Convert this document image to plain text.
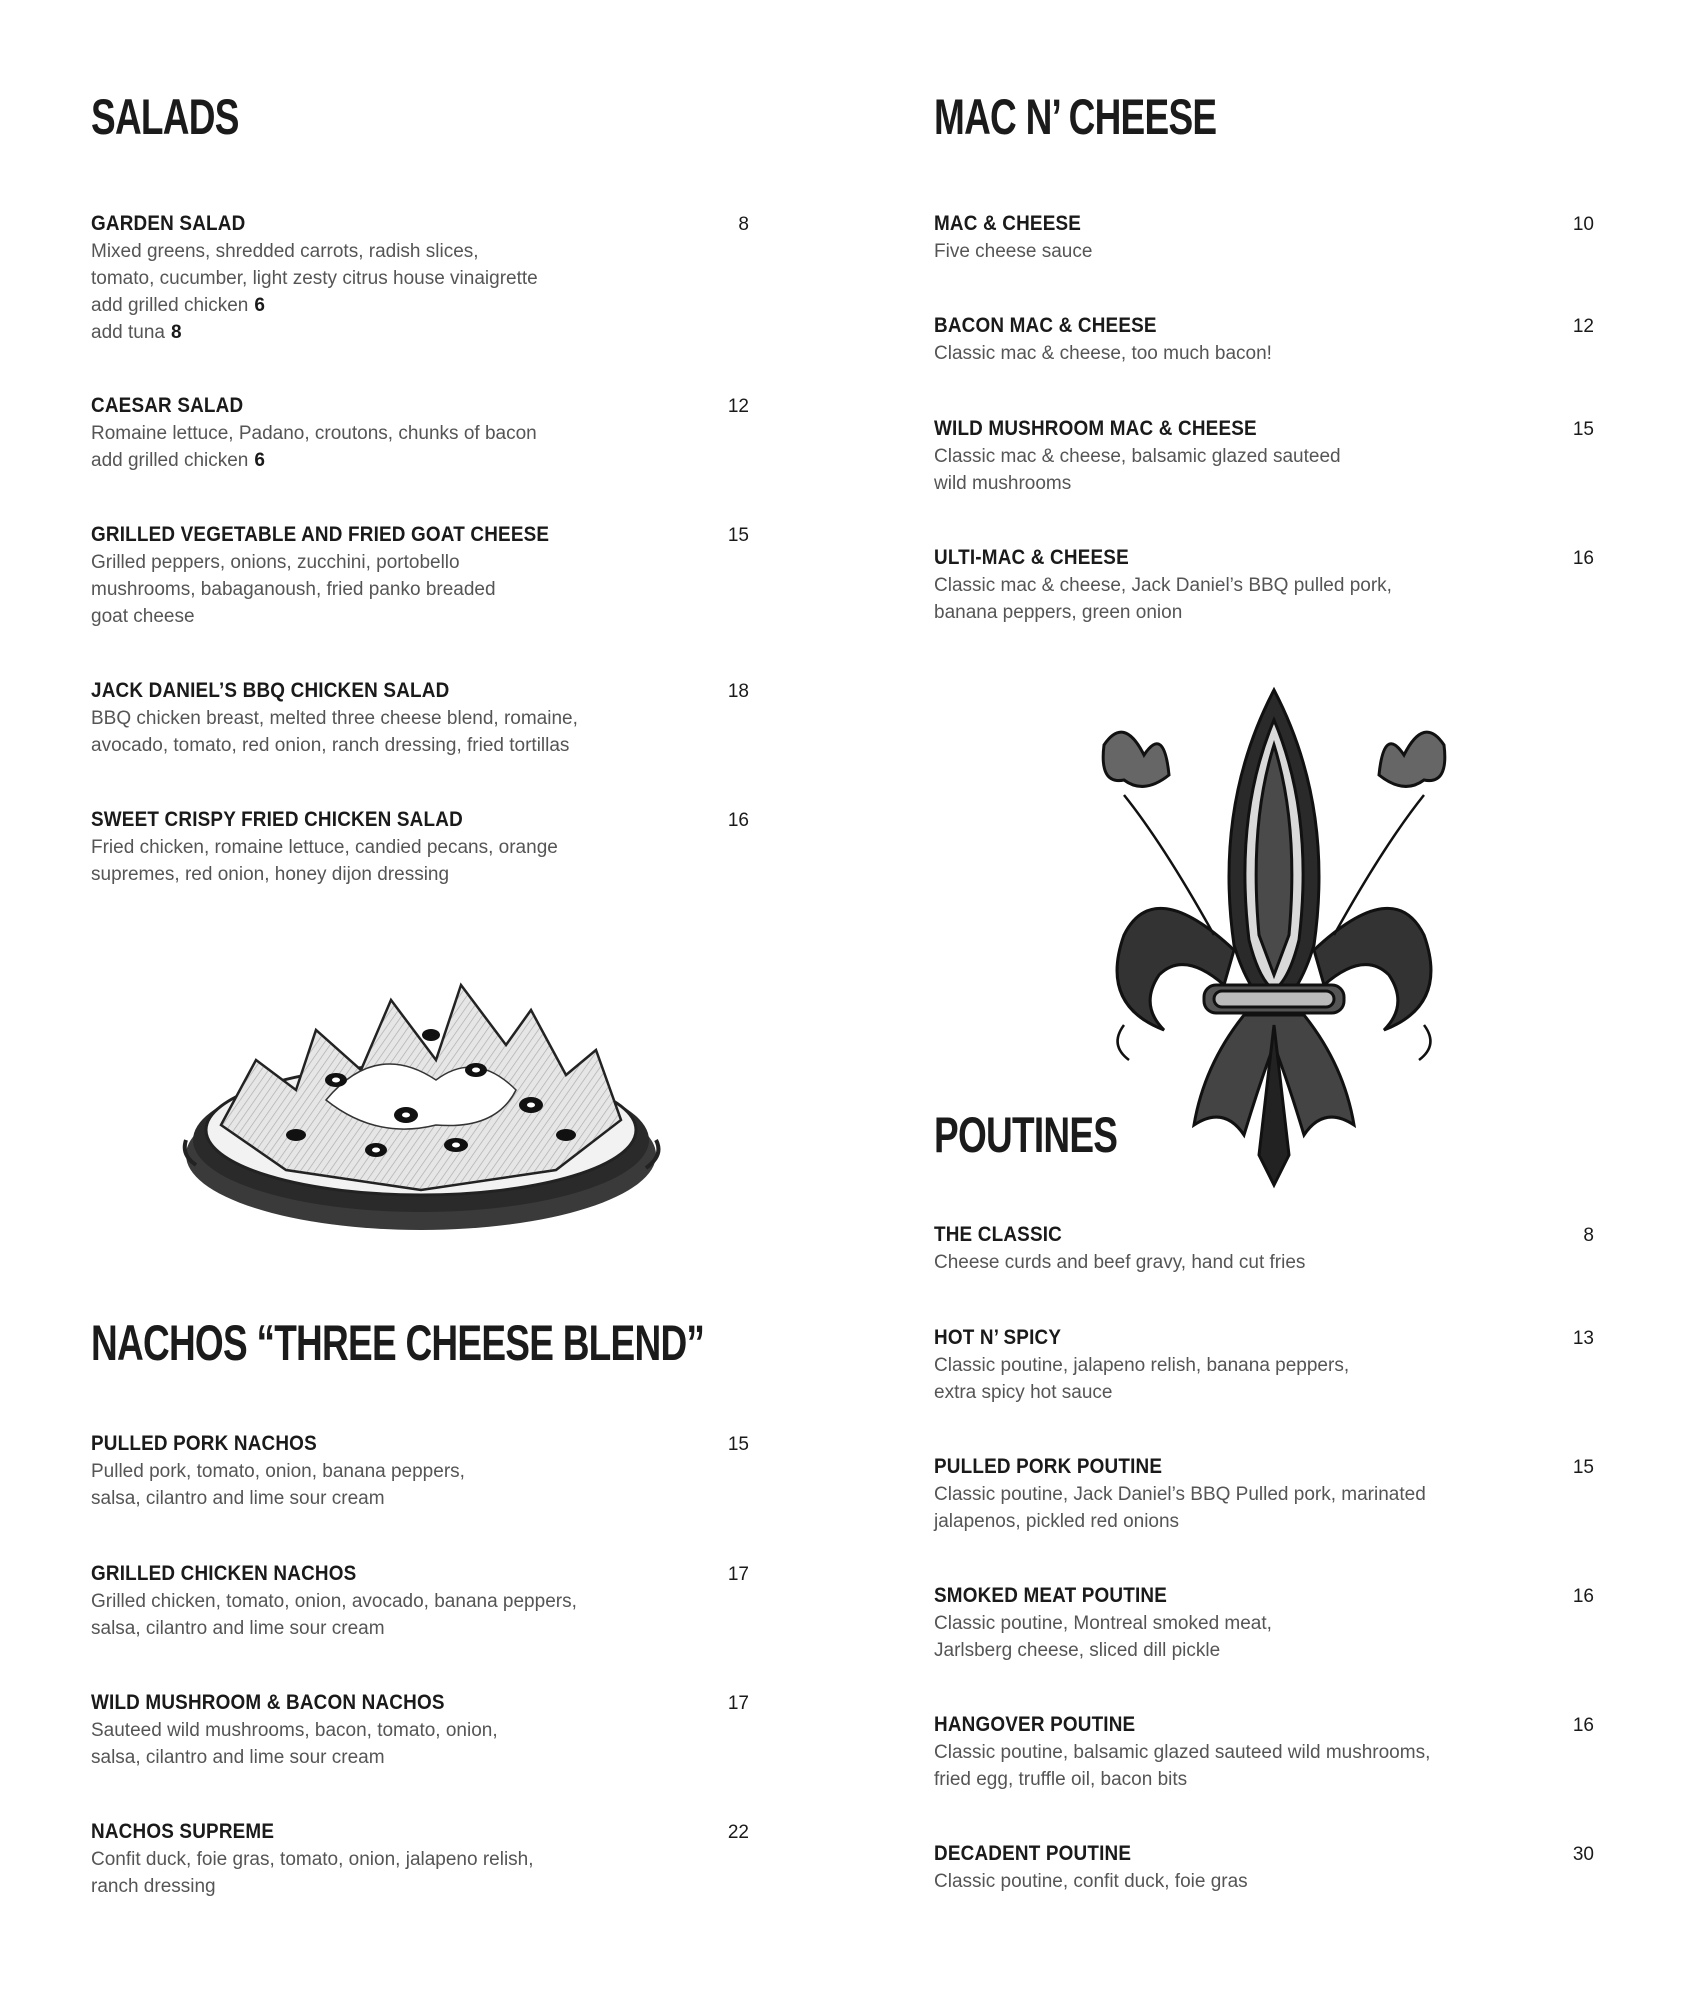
SALADS
GARDEN SALAD	8
Mixed greens, shredded carrots, radish slices,
tomato, cucumber, light zesty citrus house vinaigrette
add grilled chicken 6
add tuna 8
CAESAR SALAD	12
Romaine lettuce, Padano, croutons, chunks of bacon
add grilled chicken 6
GRILLED VEGETABLE AND FRIED GOAT CHEESE	15
Grilled peppers, onions, zucchini, portobello
mushrooms, babaganoush, fried panko breaded
goat cheese
JACK DANIEL’S BBQ CHICKEN SALAD	18
BBQ chicken breast, melted three cheese blend, romaine,
avocado, tomato, red onion, ranch dressing, fried tortillas
SWEET CRISPY FRIED CHICKEN SALAD	16
Fried chicken, romaine lettuce, candied pecans, orange
supremes, red onion, honey dijon dressing
NACHOS “THREE CHEESE BLEND”
PULLED PORK NACHOS	15
Pulled pork, tomato, onion, banana peppers,
salsa, cilantro and lime sour cream
GRILLED CHICKEN NACHOS	17
Grilled chicken, tomato, onion, avocado, banana peppers,
salsa, cilantro and lime sour cream
WILD MUSHROOM & BACON NACHOS	17
Sauteed wild mushrooms, bacon, tomato, onion,
salsa, cilantro and lime sour cream
NACHOS SUPREME	22
Confit duck, foie gras, tomato, onion, jalapeno relish,
ranch dressing
MAC N’ CHEESE
MAC & CHEESE	10
Five cheese sauce
BACON MAC & CHEESE	12
Classic mac & cheese, too much bacon!
WILD MUSHROOM MAC & CHEESE	15
Classic mac & cheese, balsamic glazed sauteed
wild mushrooms
ULTI-MAC & CHEESE	16
Classic mac & cheese, Jack Daniel’s BBQ pulled pork,
banana peppers, green onion
POUTINES
THE CLASSIC	8
Cheese curds and beef gravy, hand cut fries
HOT N’ SPICY	13
Classic poutine, jalapeno relish, banana peppers,
extra spicy hot sauce
PULLED PORK POUTINE	15
Classic poutine, Jack Daniel’s BBQ Pulled pork, marinated
jalapenos, pickled red onions
SMOKED MEAT POUTINE	16
Classic poutine, Montreal smoked meat,
Jarlsberg cheese, sliced dill pickle
HANGOVER POUTINE	16
Classic poutine, balsamic glazed sauteed wild mushrooms,
fried egg, truffle oil, bacon bits
DECADENT POUTINE	30
Classic poutine, confit duck, foie gras
